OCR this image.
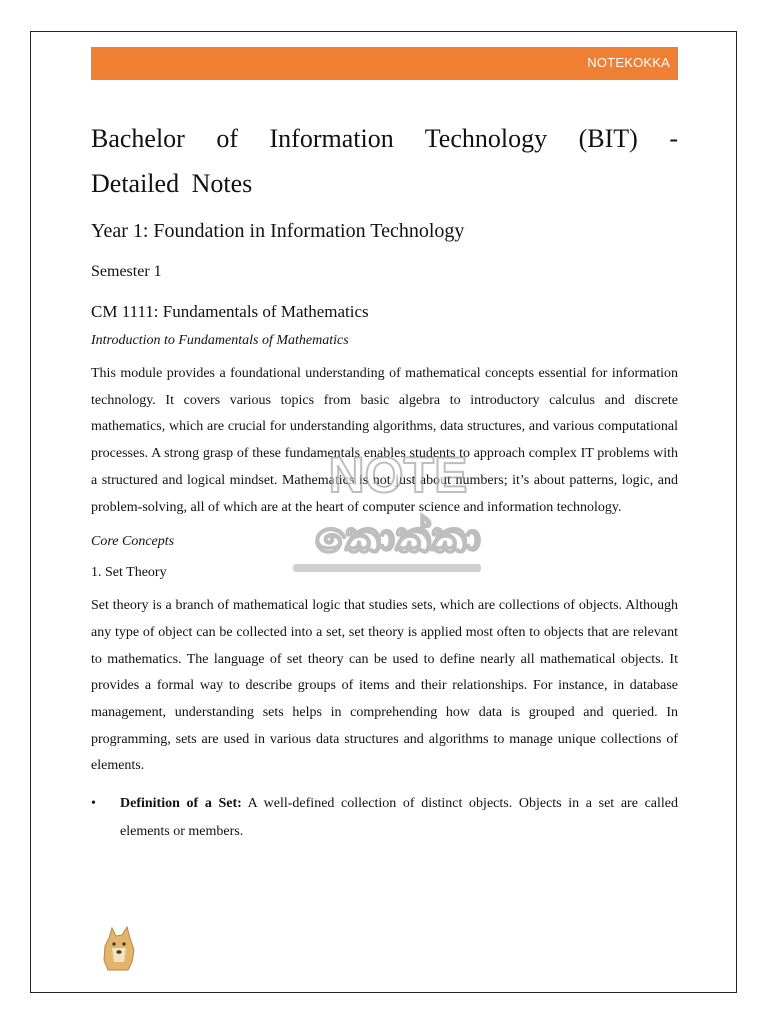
NOTEKOKKA
Bachelor of Information Technology (BIT) - Detailed Notes
Year 1: Foundation in Information Technology
Semester 1
CM 1111: Fundamentals of Mathematics

Introduction to Fundamentals of Mathematics

This module provides a foundational understanding of mathematical concepts essential for information technology. It covers various topics from basic algebra to introductory calculus and discrete mathematics, which are crucial for understanding algorithms, data structures, and various computational processes. A strong grasp of these fundamentals enables students to approach complex IT problems with a structured and logical mindset. Mathematics is not just about numbers; it’s about patterns, logic, and problem-solving, all of which are at the heart of computer science and information technology.

Core Concepts

1. Set Theory

Set theory is a branch of mathematical logic that studies sets, which are collections of objects. Although any type of object can be collected into a set, set theory is applied most often to objects that are relevant to mathematics. The language of set theory can be used to define nearly all mathematical objects. It provides a formal way to describe groups of items and their relationships. For instance, in database management, understanding sets helps in comprehending how data is grouped and queried. In programming, sets are used in various data structures and algorithms to manage unique collections of elements.

• Definition of a Set: A well-defined collection of distinct objects. Objects in a set are called elements or members.
NOTE
කොක්කා
